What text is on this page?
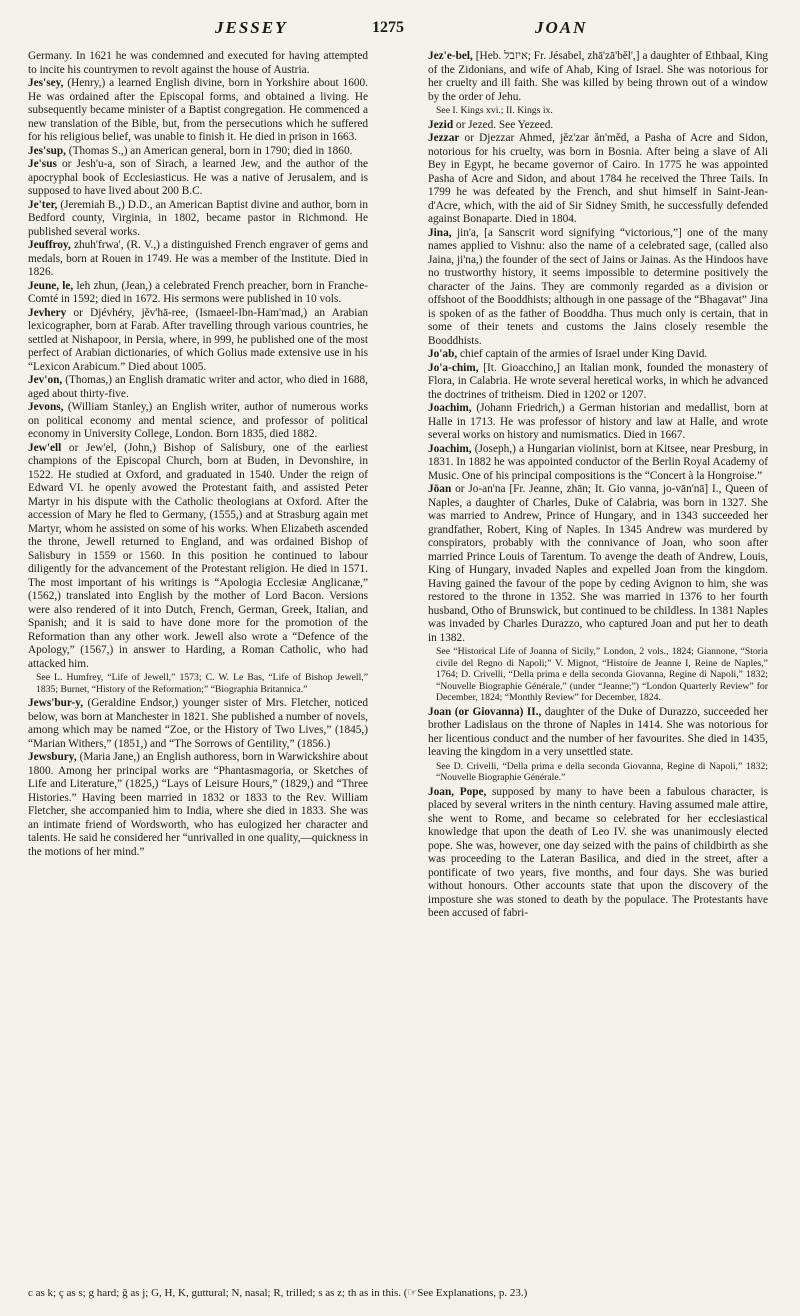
JESSEY	1275	JOAN

Germany. In 1621 he was condemned and executed for having attempted to incite his countrymen to revolt against the house of Austria.

Jes'sey, (Henry,) a learned English divine, born in Yorkshire about 1600. He was ordained after the Episcopal forms, and obtained a living. He subsequently became minister of a Baptist congregation. He commenced a new translation of the Bible, but, from the persecutions which he suffered for his religious belief, was unable to finish it. He died in prison in 1663.

Jes'sup, (Thomas S.,) an American general, born in 1790; died in 1860.

Je'sus or Jesh'u-a, son of Sirach, a learned Jew, and the author of the apocryphal book of Ecclesiasticus. He was a native of Jerusalem, and is supposed to have lived about 200 B.C.

Je'ter, (Jeremiah B.,) D.D., an American Baptist divine and author, born in Bedford county, Virginia, in 1802, became pastor in Richmond. He published several works.

Jeuffroy, zhuh'frwa', (R. V.,) a distinguished French engraver of gems and medals, born at Rouen in 1749. He was a member of the Institute. Died in 1826.

Jeune, le, leh zhun, (Jean,) a celebrated French preacher, born in Franche-Comté in 1592; died in 1672. His sermons were published in 10 vols.

Jevhery or Djévhéry, jĕv'hā-ree, (Ismaeel-Ibn-Ham'mad,) an Arabian lexicographer, born at Farab. After travelling through various countries, he settled at Nishapoor, in Persia, where, in 999, he published one of the most perfect of Arabian dictionaries, of which Golius made extensive use in his “Lexicon Arabicum.” Died about 1005.

Jev'on, (Thomas,) an English dramatic writer and actor, who died in 1688, aged about thirty-five.

Jevons, (William Stanley,) an English writer, author of numerous works on political economy and mental science, and professor of political economy in University College, London. Born 1835, died 1882.

Jew'ell or Jew'el, (John,) Bishop of Salisbury, one of the earliest champions of the Episcopal Church, born at Buden, in Devonshire, in 1522. He studied at Oxford, and graduated in 1540. Under the reign of Edward VI. he openly avowed the Protestant faith, and assisted Peter Martyr in his dispute with the Catholic theologians at Oxford. After the accession of Mary he fled to Germany, (1555,) and at Strasburg again met Martyr, whom he assisted on some of his works. When Elizabeth ascended the throne, Jewell returned to England, and was ordained Bishop of Salisbury in 1559 or 1560. In this position he continued to labour diligently for the advancement of the Protestant religion. He died in 1571. The most important of his writings is “Apologia Ecclesiæ Anglicanæ,” (1562,) translated into English by the mother of Lord Bacon. Versions were also rendered of it into Dutch, French, German, Greek, Italian, and Spanish; and it is said to have done more for the promotion of the Reformation than any other work. Jewell also wrote a “Defence of the Apology,” (1567,) in answer to Harding, a Roman Catholic, who had attacked him.

See L. Humfrey, “Life of Jewell,” 1573; C. W. Le Bas, “Life of Bishop Jewell,” 1835; Burnet, “History of the Reformation;” “Biographia Britannica.”

Jews'bur-y, (Geraldine Endsor,) younger sister of Mrs. Fletcher, noticed below, was born at Manchester in 1821. She published a number of novels, among which may be named “Zoe, or the History of Two Lives,” (1845,) “Marian Withers,” (1851,) and “The Sorrows of Gentility,” (1856.)

Jewsbury, (Maria Jane,) an English authoress, born in Warwickshire about 1800. Among her principal works are “Phantasmagoria, or Sketches of Life and Literature,” (1825,) “Lays of Leisure Hours,” (1829,) and “Three Histories.” Having been married in 1832 or 1833 to the Rev. William Fletcher, she accompanied him to India, where she died in 1833. She was an intimate friend of Wordsworth, who has eulogized her character and talents. He said he considered her “unrivalled in one quality,—quickness in the motions of her mind.”

Jez'e-bel, [Heb. איזבל; Fr. Jésabel, zhā'zā'bĕl',] a daughter of Ethbaal, King of the Zidonians, and wife of Ahab, King of Israel. She was notorious for her cruelty and ill faith. She was killed by being thrown out of a window by the order of Jehu.

See I. Kings xvi.; II. Kings ix.

Jezid or Jezed. See Yezeed.

Jezzar or Djezzar Ahmed, jĕz'zar ăn'mĕd, a Pasha of Acre and Sidon, notorious for his cruelty, was born in Bosnia. After being a slave of Ali Bey in Egypt, he became governor of Cairo. In 1775 he was appointed Pasha of Acre and Sidon, and about 1784 he received the Three Tails. In 1799 he was defeated by the French, and shut himself in Saint-Jean-d'Acre, which, with the aid of Sir Sidney Smith, he successfully defended against Bonaparte. Died in 1804.

Jina, jin'a, [a Sanscrit word signifying “victorious,”] one of the many names applied to Vishnu: also the name of a celebrated sage, (called also Jaina, ji'na,) the founder of the sect of Jains or Jainas. As the Hindoos have no trustworthy history, it seems impossible to determine positively the character of the Jains. They are commonly regarded as a division or offshoot of the Booddhists; although in one passage of the “Bhagavat” Jina is spoken of as the father of Booddha. Thus much only is certain, that in some of their tenets and customs the Jains closely resemble the Booddhists.

Jo'ab, chief captain of the armies of Israel under King David.

Jo'a-chim, [It. Gioacchino,] an Italian monk, founded the monastery of Flora, in Calabria. He wrote several heretical works, in which he advanced the doctrines of tritheism. Died in 1202 or 1207.

Joachim, (Johann Friedrich,) a German historian and medallist, born at Halle in 1713. He was professor of history and law at Halle, and wrote several works on history and numismatics. Died in 1667.

Joachim, (Joseph,) a Hungarian violinist, born at Kitsee, near Presburg, in 1831. In 1882 he was appointed conductor of the Berlin Royal Academy of Music. One of his principal compositions is the “Concert à la Hongroise.”

Jōan or Jo-an'na [Fr. Jeanne, zhān; It. Gio vanna, jo-vān'nā] I., Queen of Naples, a daughter of Charles, Duke of Calabria, was born in 1327. She was married to Andrew, Prince of Hungary, and in 1343 succeeded her grandfather, Robert, King of Naples. In 1345 Andrew was murdered by conspirators, probably with the connivance of Joan, who soon after married Prince Louis of Tarentum. To avenge the death of Andrew, Louis, King of Hungary, invaded Naples and expelled Joan from the kingdom. Having gained the favour of the pope by ceding Avignon to him, she was restored to the throne in 1352. She was married in 1376 to her fourth husband, Otho of Brunswick, but continued to be childless. In 1381 Naples was invaded by Charles Durazzo, who captured Joan and put her to death in 1382.

See “Historical Life of Joanna of Sicily,” London, 2 vols., 1824; Giannone, “Storia civile del Regno di Napoli;” V. Mignot, “Histoire de Jeanne I, Reine de Naples,” 1764; D. Crivelli, “Della prima e della seconda Giovanna, Regine di Napoli,” 1832; “Nouvelle Biographie Générale,” (under “Jeanne;”) “London Quarterly Review” for December, 1824; “Monthly Review” for December, 1824.

Joan (or Giovanna) II., daughter of the Duke of Durazzo, succeeded her brother Ladislaus on the throne of Naples in 1414. She was notorious for her licentious conduct and the number of her favourites. She died in 1435, leaving the kingdom in a very unsettled state.

See D. Crivelli, “Della prima e della seconda Giovanna, Regine di Napoli,” 1832; “Nouvelle Biographie Générale.”

Joan, Pope, supposed by many to have been a fabulous character, is placed by several writers in the ninth century. Having assumed male attire, she went to Rome, and became so celebrated for her ecclesiastical knowledge that upon the death of Leo IV. she was unanimously elected pope. She was, however, one day seized with the pains of childbirth as she was proceeding to the Lateran Basilica, and died in the street, after a pontificate of two years, five months, and four days. She was buried without honours. Other accounts state that upon the discovery of the imposture she was stoned to death by the populace. The Protestants have been accused of fabri-

c as k; ç as s; g hard; ğ as j; G, H, K, guttural; N, nasal; R, trilled; s as z; th as in this. (☞See Explanations, p. 23.)
